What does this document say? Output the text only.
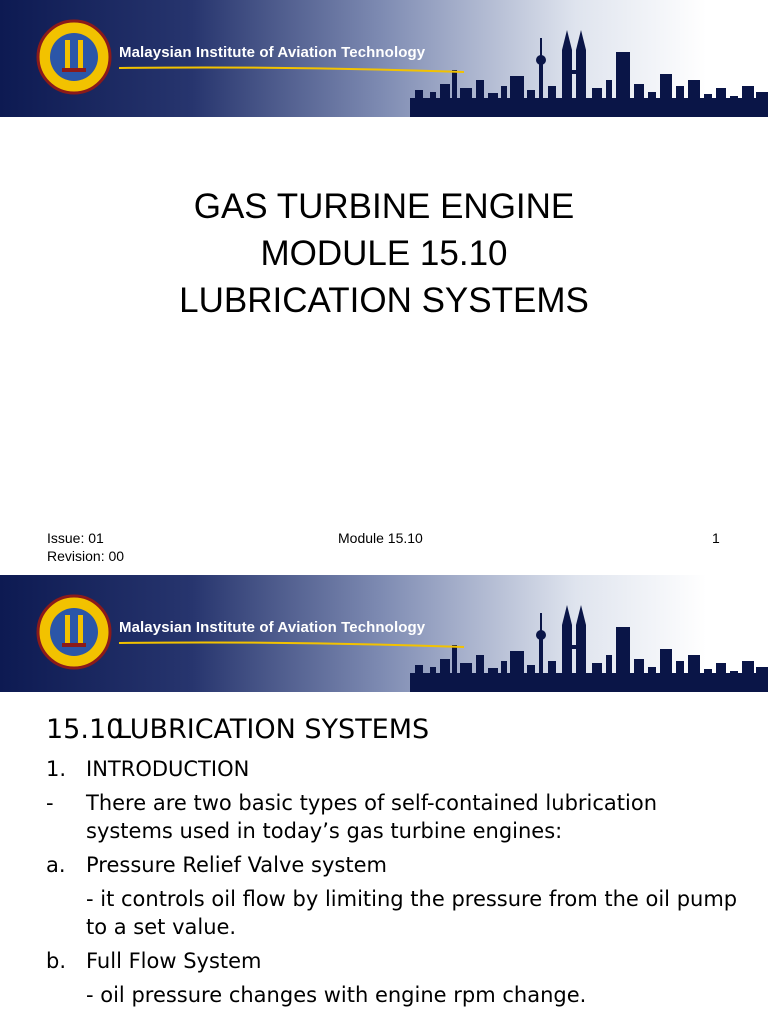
Malaysian Institute of Aviation Technology
GAS TURBINE ENGINE
MODULE 15.10
LUBRICATION SYSTEMS
Issue: 01
Revision: 00
Module 15.10	1
Malaysian Institute of Aviation Technology
15.10LUBRICATION SYSTEMS
1. INTRODUCTION
- There are two basic types of self-contained lubrication systems used in today’s gas turbine engines:
a. Pressure Relief Valve system
- it controls oil flow by limiting the pressure from the oil pump to a set value.
b. Full Flow System
- oil pressure changes with engine rpm change.
